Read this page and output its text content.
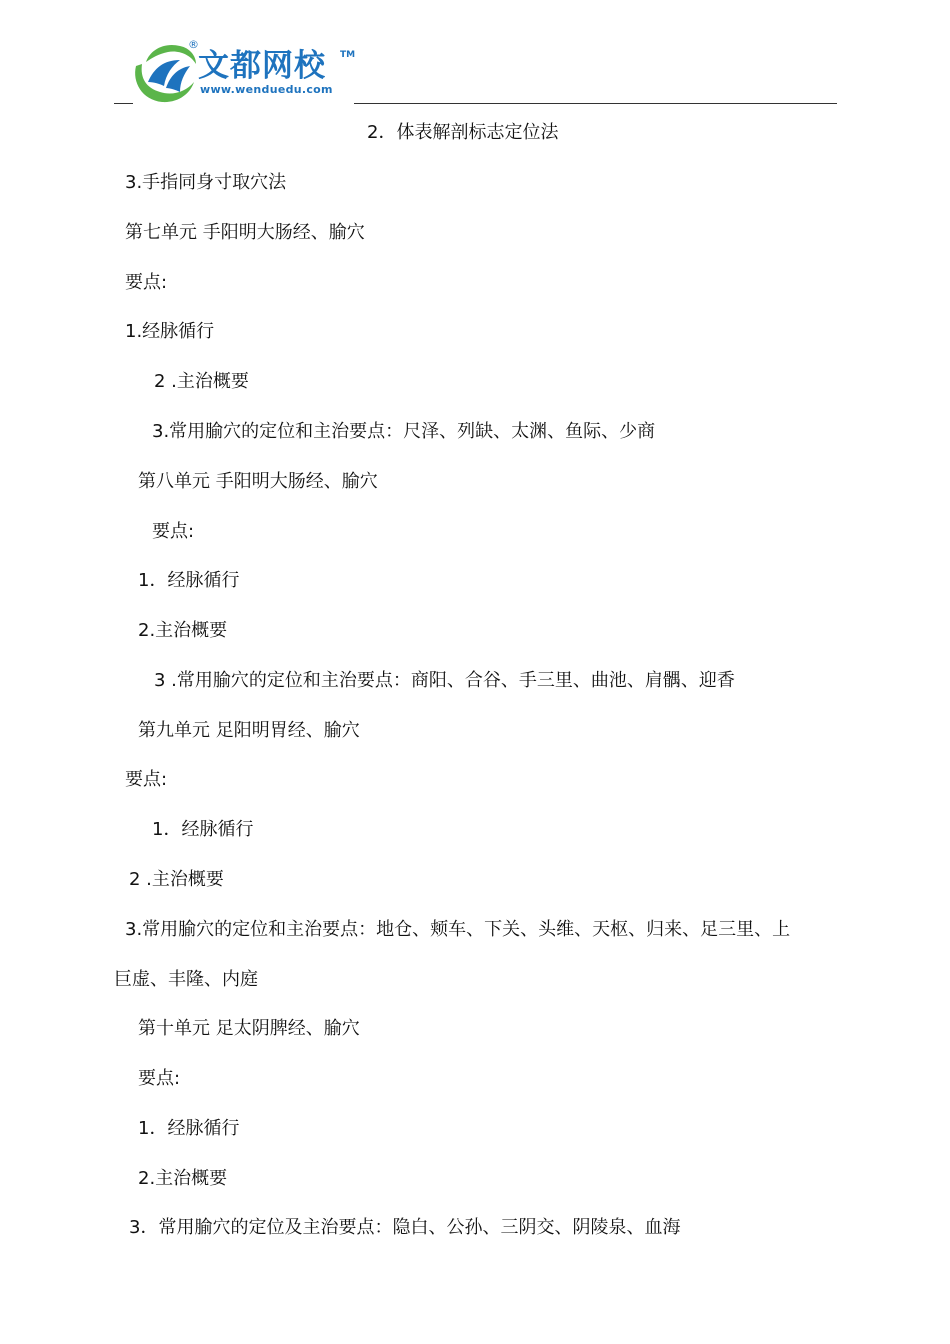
®
文都网校 TM
www.wenduedu.com
2．体表解剖标志定位法
3.手指同身寸取穴法
第七单元 手阳明大肠经、腧穴
要点:
1.经脉循行
2 .主治概要
3.常用腧穴的定位和主治要点：尺泽、列缺、太渊、鱼际、少商
第八单元 手阳明大肠经、腧穴
要点:
1．经脉循行
2.主治概要
3 .常用腧穴的定位和主治要点：商阳、合谷、手三里、曲池、肩髃、迎香
第九单元 足阳明胃经、腧穴
要点:
1．经脉循行
2 .主治概要
3.常用腧穴的定位和主治要点：地仓、颊车、下关、头维、天枢、归来、足三里、上
巨虚、丰隆、内庭
第十单元 足太阴脾经、腧穴
要点:
1．经脉循行
2.主治概要
3．常用腧穴的定位及主治要点：隐白、公孙、三阴交、阴陵泉、血海
